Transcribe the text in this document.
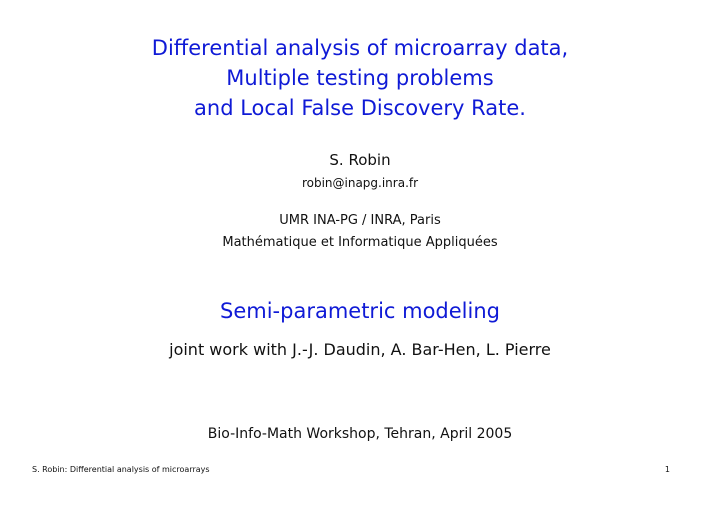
Differential analysis of microarray data,
Multiple testing problems
and Local False Discovery Rate.
S. Robin
robin@inapg.inra.fr
UMR INA-PG / INRA, Paris
Mathématique et Informatique Appliquées
Semi-parametric modeling
joint work with J.-J. Daudin, A. Bar-Hen, L. Pierre
Bio-Info-Math Workshop, Tehran, April 2005
S. Robin: Differential analysis of microarrays	1
